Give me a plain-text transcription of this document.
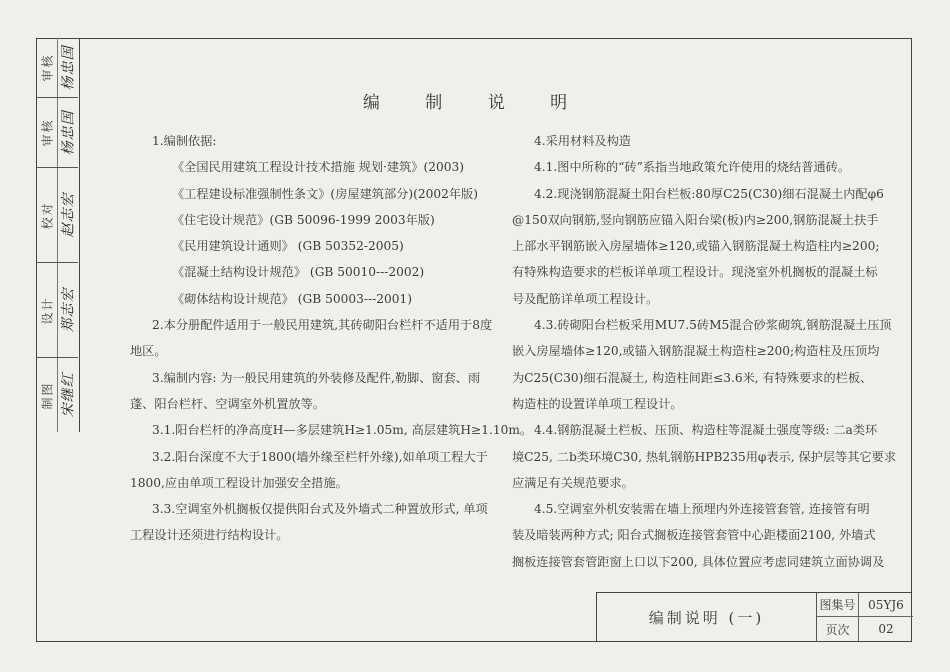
审核 杨忠国
审核 杨忠国
校对 赵志宏
设计 郑志宏
制图 宋继红
编 制 说 明

1.编制依据:

《全国民用建筑工程设计技术措施 规划·建筑》(2003)

《工程建设标准强制性条文》(房屋建筑部分)(2002年版)

《住宅设计规范》(GB 50096-1999 2003年版)

《民用建筑设计通则》 (GB 50352-2005)

《混凝土结构设计规范》 (GB 50010---2002)

《砌体结构设计规范》 (GB 50003---2001)

2.本分册配件适用于一般民用建筑,其砖砌阳台栏杆不适用于8度

地区。

3.编制内容: 为一般民用建筑的外装修及配件,勒脚、窗套、雨

蓬、阳台栏杆、空调室外机置放等。

3.1.阳台栏杆的净高度H—多层建筑H≥1.05m, 高层建筑H≥1.10m。

3.2.阳台深度不大于1800(墙外缘至栏杆外缘),如单项工程大于

1800,应由单项工程设计加强安全措施。

3.3.空调室外机搁板仅提供阳台式及外墙式二种置放形式, 单项

工程设计还须进行结构设计。

4.采用材料及构造

4.1.图中所称的“砖”系指当地政策允许使用的烧结普通砖。

4.2.现浇钢筋混凝土阳台栏板:80厚C25(C30)细石混凝土内配φ6

@150双向钢筋,竖向钢筋应锚入阳台梁(板)内≥200,钢筋混凝土扶手

上部水平钢筋嵌入房屋墙体≥120,或锚入钢筋混凝土构造柱内≥200;

有特殊构造要求的栏板详单项工程设计。现浇室外机搁板的混凝土标

号及配筋详单项工程设计。

4.3.砖砌阳台栏板采用MU7.5砖M5混合砂浆砌筑,钢筋混凝土压顶

嵌入房屋墙体≥120,或锚入钢筋混凝土构造柱≥200;构造柱及压顶均

为C25(C30)细石混凝土, 构造柱间距≤3.6米, 有特殊要求的栏板、

构造柱的设置详单项工程设计。

4.4.钢筋混凝土栏板、压顶、构造柱等混凝土强度等级: 二a类环

境C25, 二b类环境C30, 热轧钢筋HPB235用φ表示, 保护层等其它要求

应满足有关规范要求。

4.5.空调室外机安装需在墙上预埋内外连接管套管, 连接管有明

装及暗装两种方式; 阳台式搁板连接管套管中心距楼面2100, 外墙式

搁板连接管套管距窗上口以下200, 具体位置应考虑同建筑立面协调及

编制说明 (一)
图集号	05YJ6
页次	02
